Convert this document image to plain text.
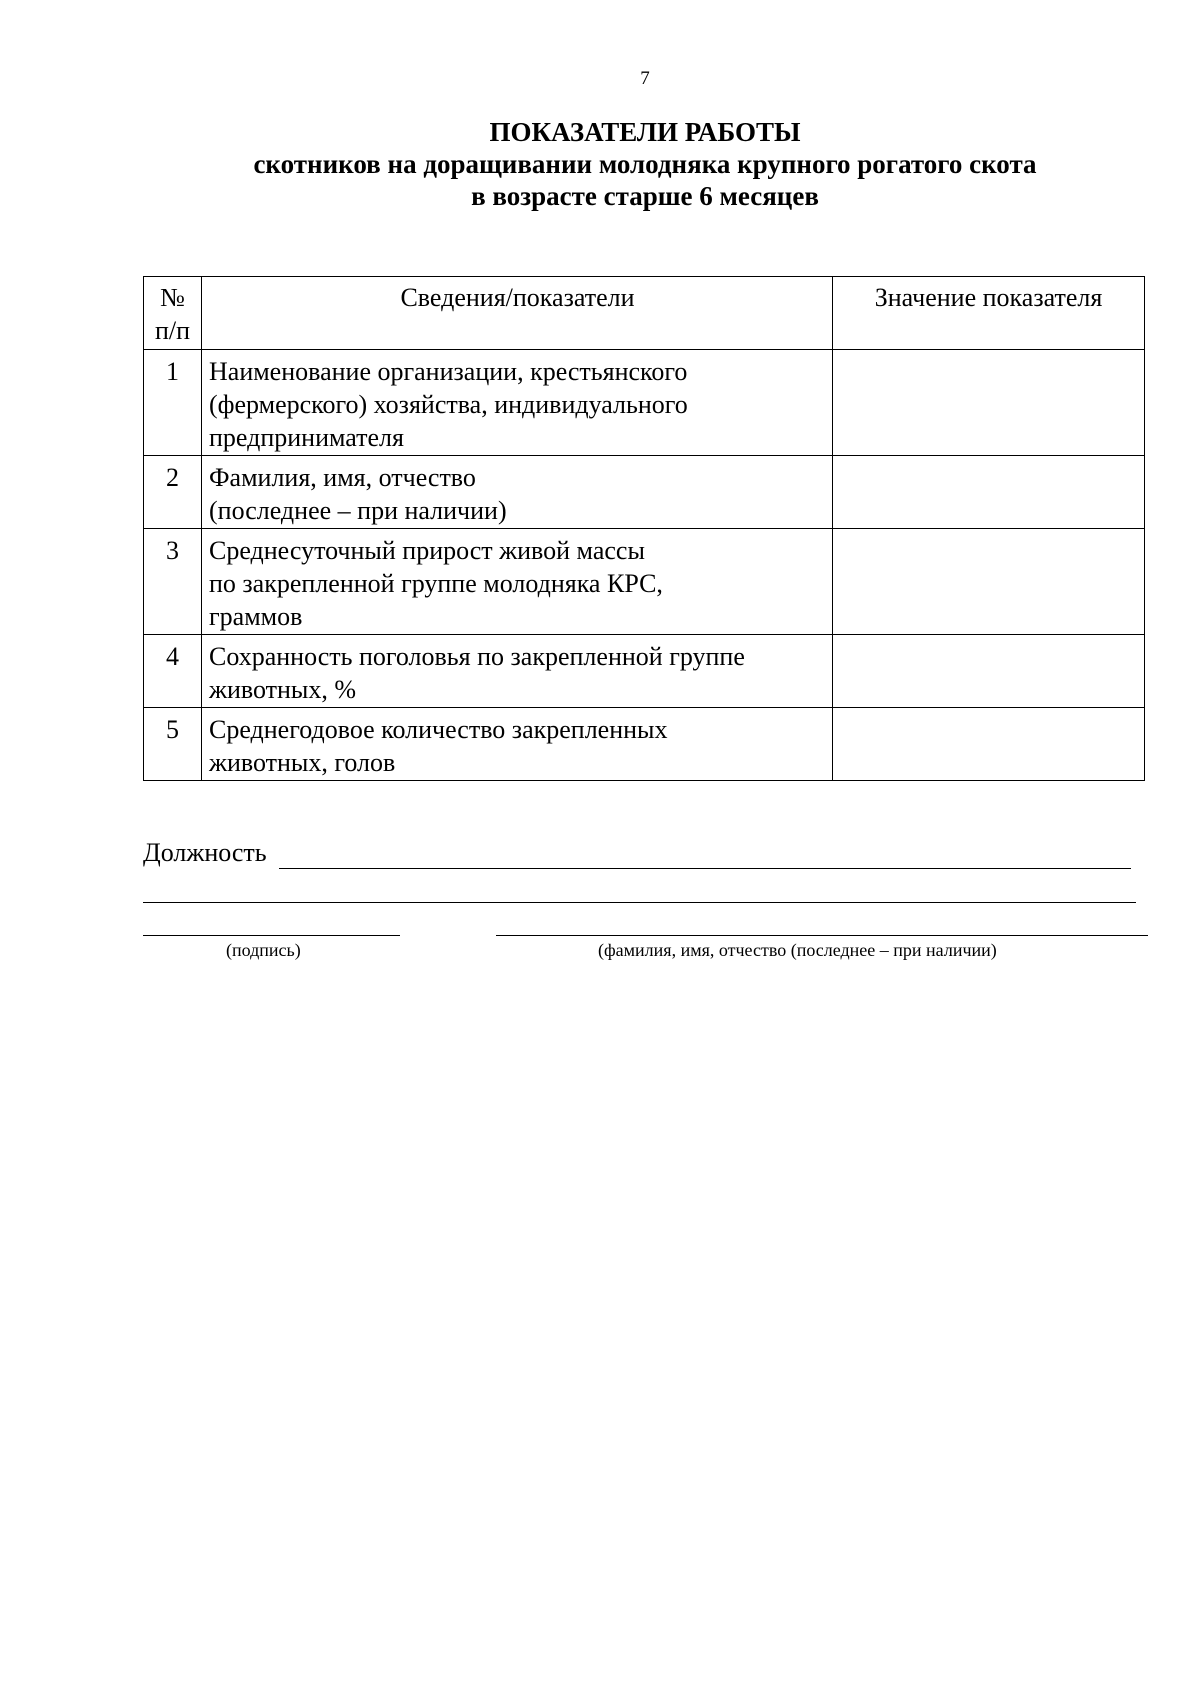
7
ПОКАЗАТЕЛИ РАБОТЫ
скотников на доращивании молодняка крупного рогатого скота
в возрасте старше 6 месяцев
№
п/п	Сведения/показатели	Значение показателя
1	Наименование организации, крестьянского
(фермерского) хозяйства, индивидуального
предпринимателя	

2	Фамилия, имя, отчество
(последнее – при наличии)	

3	Среднесуточный прирост живой массы
по закрепленной группе молодняка КРС,
граммов	

4	Сохранность поголовья по закрепленной группе
животных, %	

5	Среднегодовое количество закрепленных
животных, голов	

Должность
(подпись)	(фамилия, имя, отчество (последнее – при наличии)
